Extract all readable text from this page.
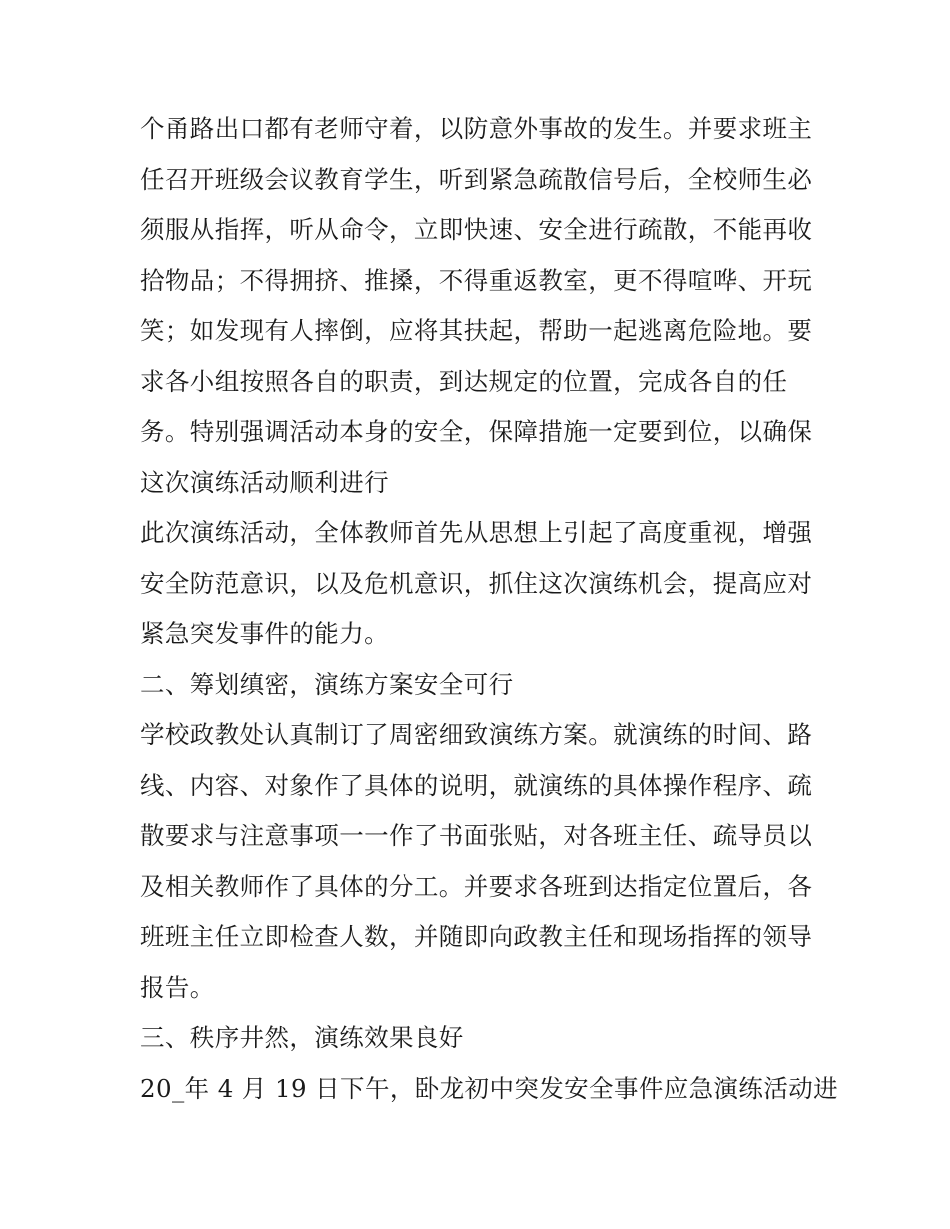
个甬路出口都有老师守着，以防意外事故的发生。并要求班主
任召开班级会议教育学生，听到紧急疏散信号后，全校师生必
须服从指挥，听从命令，立即快速、安全进行疏散，不能再收
拾物品；不得拥挤、推搡，不得重返教室，更不得喧哗、开玩
笑；如发现有人摔倒，应将其扶起，帮助一起逃离危险地。要
求各小组按照各自的职责，到达规定的位置，完成各自的任
务。特别强调活动本身的安全，保障措施一定要到位，以确保
这次演练活动顺利进行
此次演练活动，全体教师首先从思想上引起了高度重视，增强
安全防范意识，以及危机意识，抓住这次演练机会，提高应对
紧急突发事件的能力。
二、筹划缜密，演练方案安全可行
学校政教处认真制订了周密细致演练方案。就演练的时间、路
线、内容、对象作了具体的说明，就演练的具体操作程序、疏
散要求与注意事项一一作了书面张贴，对各班主任、疏导员以
及相关教师作了具体的分工。并要求各班到达指定位置后，各
班班主任立即检查人数，并随即向政教主任和现场指挥的领导
报告。
三、秩序井然，演练效果良好
20_年 4 月 19 日下午，卧龙初中突发安全事件应急演练活动进
